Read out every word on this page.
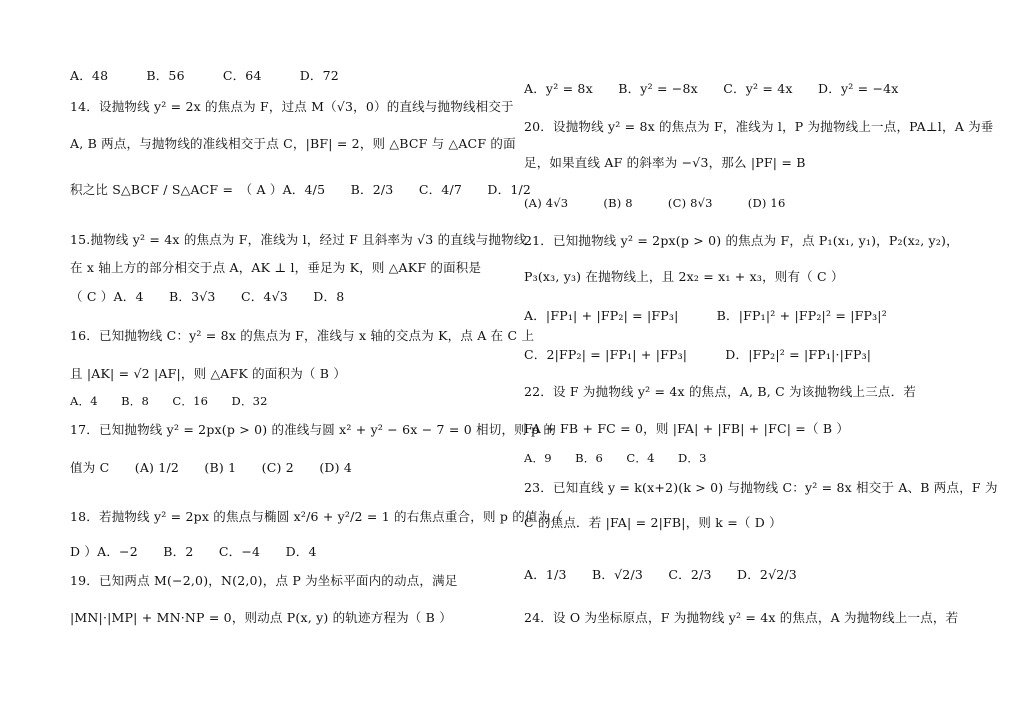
A．48　　　B．56　　　C．64　　　D．72
14．设抛物线 y² = 2x 的焦点为 F，过点 M（√3，0）的直线与抛物线相交于
A, B 两点，与抛物线的准线相交于点 C，|BF| = 2，则 △BCF 与 △ACF 的面
积之比 S△BCF / S△ACF =　（ A ）A．4/5　　B．2/3　　C．4/7　　D．1/2
15.抛物线 y² = 4x 的焦点为 F，准线为 l，经过 F 且斜率为 √3 的直线与抛物线
在 x 轴上方的部分相交于点 A，AK ⊥ l，垂足为 K，则 △AKF 的面积是
（ C ）A．4　　B．3√3　　C．4√3　　D．8
16．已知抛物线 C：y² = 8x 的焦点为 F，准线与 x 轴的交点为 K，点 A 在 C 上
且 |AK| = √2 |AF|，则 △AFK 的面积为（ B ）
A．4　　B．8　　C．16　　D．32
17．已知抛物线 y² = 2px(p > 0) 的准线与圆 x² + y² − 6x − 7 = 0 相切，则 p 的
值为 C　　(A) 1/2　　(B) 1　　(C) 2　　(D) 4
18．若抛物线 y² = 2px 的焦点与椭圆 x²/6 + y²/2 = 1 的右焦点重合，则 p 的值为（
D ）A．−2　　B．2　　C．−4　　D．4
19．已知两点 M(−2,0)，N(2,0)，点 P 为坐标平面内的动点，满足
|MN|·|MP| + MN·NP = 0，则动点 P(x, y) 的轨迹方程为（ B ）
A．y² = 8x　　B．y² = −8x　　C．y² = 4x　　D．y² = −4x
20．设抛物线 y² = 8x 的焦点为 F，准线为 l，P 为抛物线上一点，PA⊥l，A 为垂
足，如果直线 AF 的斜率为 −√3，那么 |PF| = B
(A) 4√3　　　(B) 8　　　(C) 8√3　　　(D) 16
21．已知抛物线 y² = 2px(p > 0) 的焦点为 F，点 P₁(x₁, y₁)，P₂(x₂, y₂)，
P₃(x₃, y₃) 在抛物线上，且 2x₂ = x₁ + x₃，则有（ C ）
A．|FP₁| + |FP₂| = |FP₃|　　　B．|FP₁|² + |FP₂|² = |FP₃|²
C．2|FP₂| = |FP₁| + |FP₃|　　　D．|FP₂|² = |FP₁|·|FP₃|
22．设 F 为抛物线 y² = 4x 的焦点，A, B, C 为该抛物线上三点．若
FA + FB + FC = 0，则 |FA| + |FB| + |FC| =（ B ）
A．9　　B．6　　C．4　　D．3
23．已知直线 y = k(x+2)(k > 0) 与抛物线 C：y² = 8x 相交于 A、B 两点，F 为
C 的焦点．若 |FA| = 2|FB|，则 k =（ D ）
A．1/3　　B．√2/3　　C．2/3　　D．2√2/3
24．设 O 为坐标原点，F 为抛物线 y² = 4x 的焦点，A 为抛物线上一点，若
